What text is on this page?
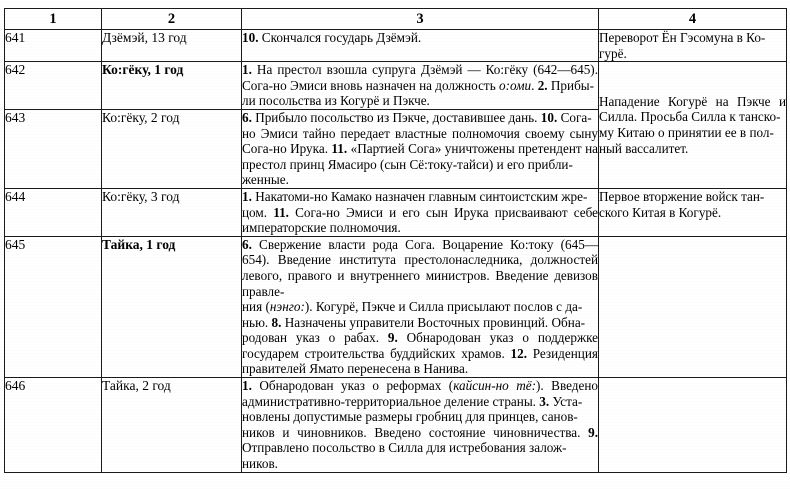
1	2	3	4
641	Дзёмэй, 13 год	10. Скончался государь Дзёмэй.	Переворот Ён Гэсомуна в Ко-
гурё.
642	Ко:гёку, 1 год	1. На престол взошла супруга Дзёмэй — Ко:гёку (642—645). Сога-но Эмиси вновь назначен на должность о:оми. 2. Прибы-
ли посольства из Когурё и Пэкче.	Нападение Когурё на Пэкче и Силла. Просьба Силла к танско-
му Китаю о принятии ее в пол-
ный вассалитет.
643	Ко:гёку, 2 год	6. Прибыло посольство из Пэкче, доставившее дань. 10. Сога-
но Эмиси тайно передает властные полномочия своему сыну Сога-но Ирука. 11. «Партией Сога» уничтожены претендент на престол принц Ямасиро (сын Сё:току-тайси) и его прибли-
женные.	
644	Ко:гёку, 3 год	1. Накатоми-но Камако назначен главным синтоистским жре-
цом. 11. Сога-но Эмиси и его сын Ирука присваивают себе императорские полномочия.	Первое вторжение войск тан-
ского Китая в Когурё.
645	Тайка, 1 год	6. Свержение власти рода Сога. Воцарение Ко:току (645—654). Введение института престолонаследника, должностей левого, правого и внутреннего министров. Введение девизов правле-
ния (нэнго:). Когурё, Пэкче и Силла присылают послов с да-
нью. 8. Назначены управители Восточных провинций. Обна-
родован указ о рабах. 9. Обнародован указ о поддержке государем строительства буддийских храмов. 12. Резиденция правителей Ямато перенесена в Нанива.	
646	Тайка, 2 год	1. Обнародован указ о реформах (кайсин-но тё:). Введено административно-территориальное деление страны. 3. Уста-
новлены допустимые размеры гробниц для принцев, санов-
ников и чиновников. Введено состояние чиновничества. 9. Отправлено посольство в Силла для истребования залож-
ников.	
